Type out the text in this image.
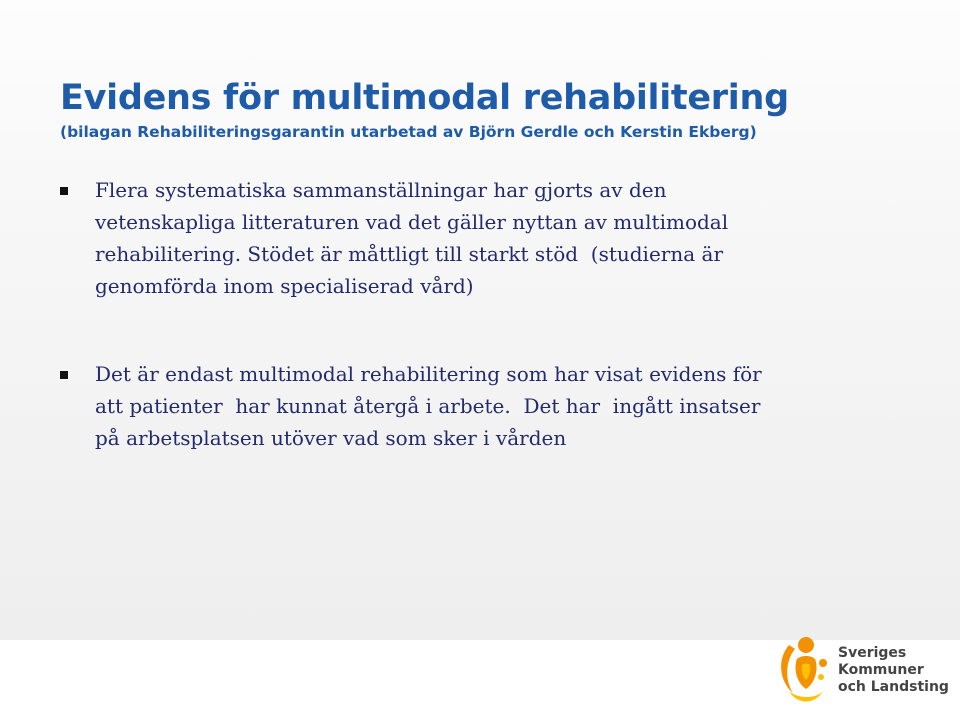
Evidens för multimodal rehabilitering

(bilagan Rehabiliteringsgarantin utarbetad av Björn Gerdle och Kerstin Ekberg)

Flera systematiska sammanställningar har gjorts av den
vetenskapliga litteraturen vad det gäller nyttan av multimodal
rehabilitering. Stödet är måttligt till starkt stöd  (studierna är
genomförda inom specialiserad vård)
Det är endast multimodal rehabilitering som har visat evidens för
att patienter  har kunnat återgå i arbete.  Det har  ingått insatser
på arbetsplatsen utöver vad som sker i vården
Sveriges
Kommuner
och Landsting
